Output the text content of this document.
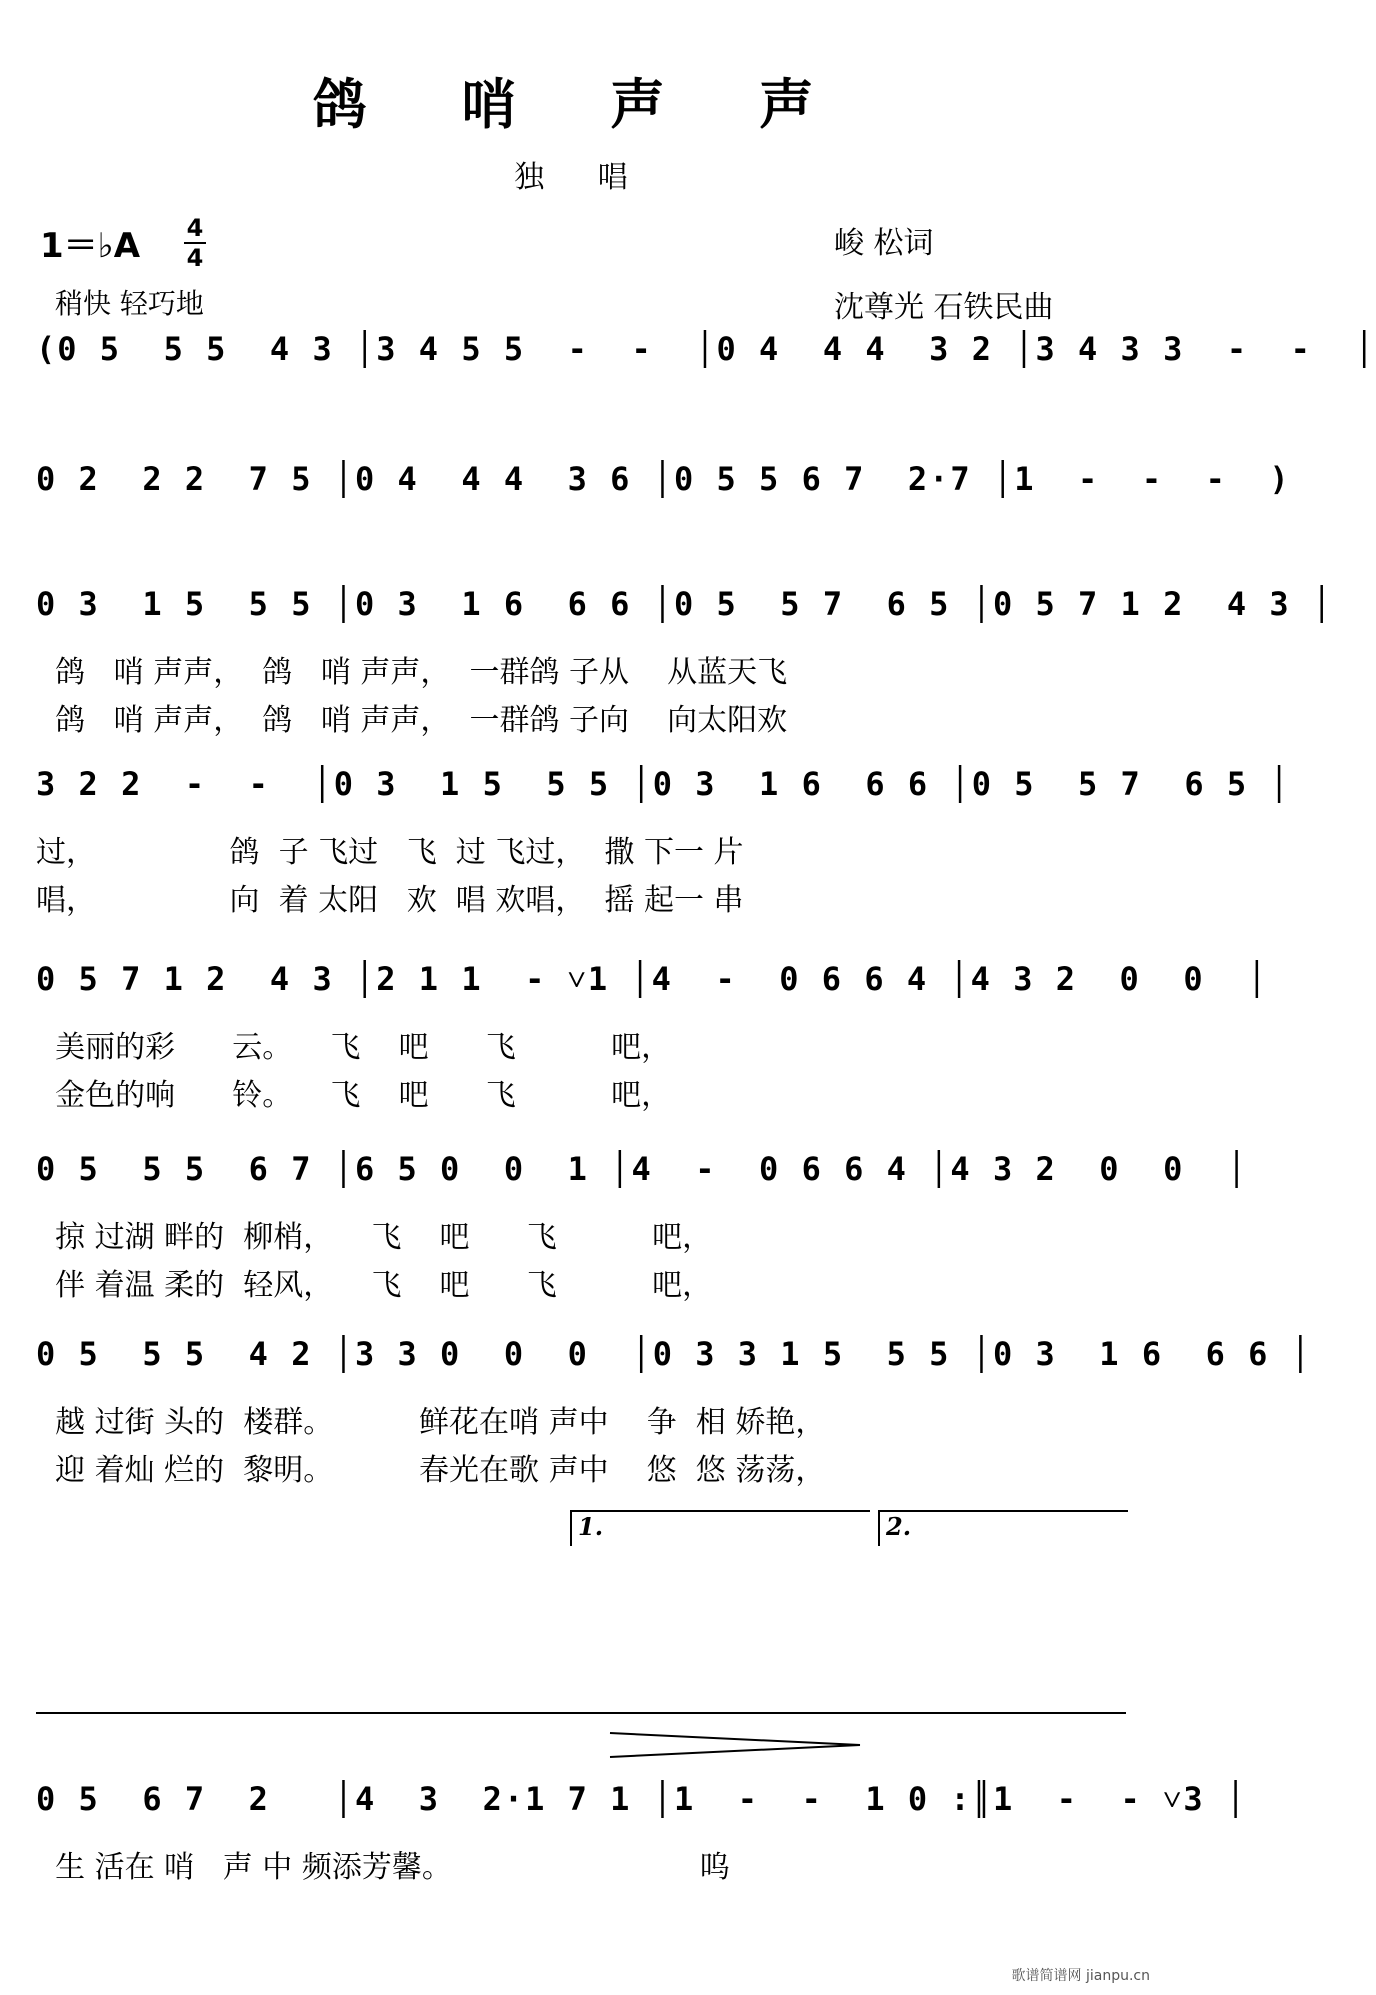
鸽 哨 声 声
独 唱
1＝♭A 4
4
稍快 轻巧地
峻 松词
沈尊光 石铁民曲
(0 5  5 5  4 3 │3 4 5 5  -  -  │0 4  4 4  3 2 │3 4 3 3  -  -  │
0 2  2 2  7 5 │0 4  4 4  3 6 │0 5 5 6 7  2·7 │1  -  -  -  )
0 3  1 5  5 5 │0 3  1 6  6 6 │0 5  5 7  6 5 │0 5 7 1 2  4 3 │
鸽   哨 声声，  鸽   哨 声声，  一群鸽 子从    从蓝天飞
鸽   哨 声声，  鸽   哨 声声，  一群鸽 子向    向太阳欢
3 2 2  -  -  │0 3  1 5  5 5 │0 3  1 6  6 6 │0 5  5 7  6 5 │
过，              鸽  子 飞过   飞  过 飞过，  撒 下一 片
唱，              向  着 太阳   欢  唱 欢唱，  摇 起一 串
0 5 7 1 2  4 3 │2 1 1  - ˅1 │4  -  0 6 6 4 │4 3 2  0  0  │
美丽的彩      云。    飞    吧      飞          吧，
金色的响      铃。    飞    吧      飞          吧，
0 5  5 5  6 7 │6 5 0  0  1 │4  -  0 6 6 4 │4 3 2  0  0  │
掠 过湖 畔的  柳梢，    飞    吧      飞          吧，
伴 着温 柔的  轻风，    飞    吧      飞          吧，
0 5  5 5  4 2 │3 3 0  0  0  │0 3 3 1 5  5 5 │0 3  1 6  6 6 │
越 过街 头的  楼群。         鲜花在哨 声中    争  相 娇艳，
迎 着灿 烂的  黎明。         春光在歌 声中    悠  悠 荡荡，
1.	2.
0 5  6 7  2   │4  3  2·1 7 1 │1  -  -  1 0 :║1  -  - ˅3 │
生 活在 哨   声 中 频添芳馨。                          呜
歌谱简谱网 jianpu.cn
